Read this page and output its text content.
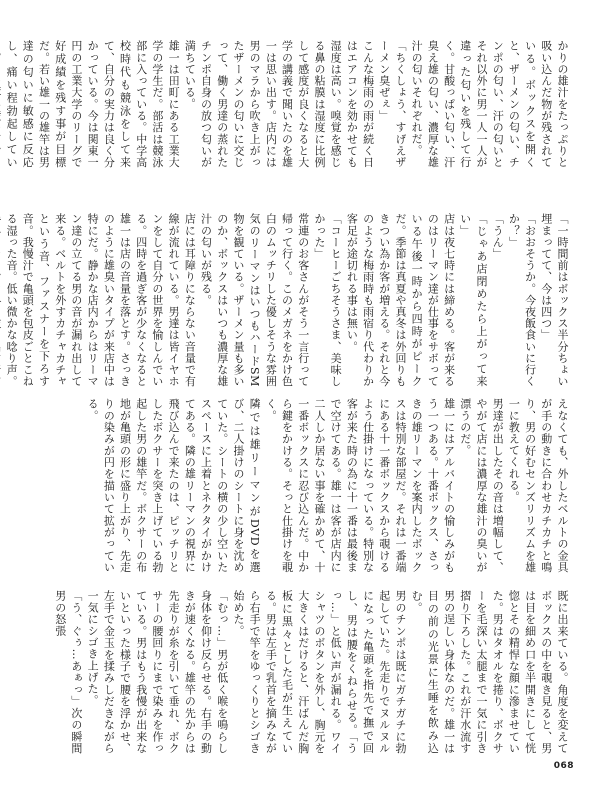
かりの雄汁をたっぷりと吸い込んだ物が残されている。ボックスを開くと、ザーメンの匂い、チンポの匂い、汗の匂いとそれ以外に男一人一人が違った匂いを残して行く。甘酸っぱい匂い、汗臭え雄の匂い、濃厚な雄汁の匂いそれぞれだ。
「ちくしょう、すげえザーメン臭ぜぇ」
こんな梅雨の雨が続く日はエアコンを効かせても湿度は高い。嗅覚を感じる鼻の粘膜は湿度に比例して感度が良くなると大学の講義で聞いたのを雄一は思い出す。店内には男のマラから吹き上がったザーメンの匂いに交じって、働く男達の蒸れたチンポ自身の放つ匂いが満ちている。
雄一は田町にある工業大学の学生だ。部活は競泳部に入っている。中学高校時代も競泳をして来て、自分の実力は良く分かっている。今は関東一円の工業大学のリーグで好成績を残す事が目標だ。若い雄一の雄竿は男達の匂いに敏感に反応し、痛い程勃起してい

「一時間前はボックス半分ちょい埋まってて、今は四つ」
「おおそうか。今夜飯食いに行くか？」
「うん」
「じゃあ店閉めたら上がって来い」
店は夜七時には締める。客が来るのはリーマン達が仕事をサボっている午後一時から四時がピークだ。季節は真夏や真冬は外回りもきつい為か客が増える。それと今のような梅雨時も雨宿り代わりか客足が途切れる事は無い。
「コーヒーごちそうさま、美味しかった」
常連のお客さんがそう一言行って帰って行く。このメガネをかけ色白のムッチリした優しそうな雰囲気のリーマンはいつもハードSM物を観ている。ザーメン量も多いのか、ボックスはいつも濃厚な雄汁の匂いが残る。
店には耳障りにならない音量で有線が流れている。男達は皆イヤホンをして自分の世界を愉しんでいる。四時を過ぎ客が少なくなると雄一は店の音量を落とす。さっきのように雄臭いタイプが来店中は特にだ。静かな店内からはリーマン達の立てる男の音が漏れ出して来る。ベルトを外すカチャカチャという音、ファスナーを下ろす音。我慢汁で亀頭を包皮ごとこねる湿った音。低い微かな唸り声。

えなくても、外したベルトの金具が手の動きに合わせカチカチと鳴り、男の好むセンズリリズムを雄一に教えてくれる。
男達が出したその音は増幅して、やがて店には濃厚な雄汁の臭いが漂うのだ。
雄一にはアルバイトの愉しみがもう一つある。十番ボックス、さっきの雄リーマンを案内したボックスは特別な部屋だ。それは一番端にある十一番ボックスから覗けるよう仕掛けになっている。特別な客が来た時の為に十一番は最後まで空けてある。雄一は客が店内に二人しか居ない事を確かめて、十一番ボックスに忍び込んだ。中から鍵をかける。そっと仕掛けを覗く。
隣では雄リーマンがDVDを選び、二人掛けのシートに身を沈めていた。シートの横の少し空いたスペースに上着とネクタイがかけてある。隣の雄リーマンの視界に飛び込んで来たのは、ピッチリとしたボクサーを突き上げている勃起した男の雄竿だ。ボクサーの布地が亀頭の形に盛り上がり、先走りの染みが円を描いて拡がっている。

既に出来ている。角度を変えてボックスの中を覗き見ると、男は目を細め口を半開きにして恍惚とその精悍な顔に滲ませていた。男はタオルを捲り、ボクサーを毛深い太腿まで一気に引き摺り下ろした。これが汗水流す男の逞しい身体なのだ。雄一は目の前の光景に生唾を飲み込む。
男のチンポは既にガチガチに勃起していた。先走りでヌルヌルになった亀頭を指先で撫で回し、男は腰をくねらせる。「うっ…」と低い声が漏れる。ワイシャツのボタンを外し、胸元を大きくはだけると、汗ばんだ胸板に黒々とした毛が生えている。男は左手で乳首を摘みながら右手で竿をゆっくりとシゴき始めた。
「むっ…」男が低く喉を鳴らし身体を仰け反らせる。右手の動きが速くなる。雄竿の先からは先走りが糸を引いて垂れ、ボクサーの腰回りにまで染みを作っている。男はもう我慢が出来ないといった様子で腰を浮かせ、左手で金玉を揉みしだきながら一気にシゴき上げた。
「う、ぐぅ…あぁっ」次の瞬間男の怒張

068
